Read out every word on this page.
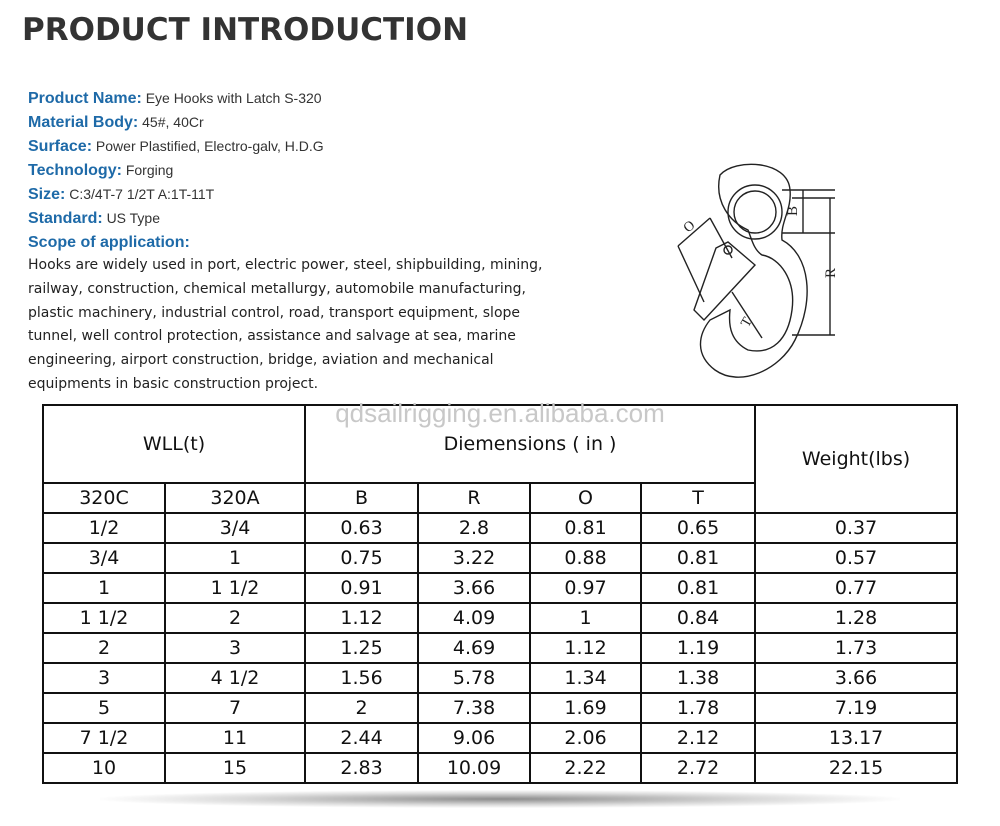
PRODUCT INTRODUCTION
Product Name: Eye Hooks with Latch S-320
Material Body: 45#, 40Cr
Surface: Power Plastified, Electro-galv, H.D.G
Technology: Forging
Size: C:3/4T-7 1/2T A:1T-11T
Standard: US Type
Scope of application:
Hooks are widely used in port, electric power, steel, shipbuilding, mining, railway, construction, chemical metallurgy, automobile manufacturing, plastic machinery, industrial control, road, transport equipment, slope tunnel, well control protection, assistance and salvage at sea, marine engineering, airport construction, bridge, aviation and mechanical equipments in basic construction project.
B
R
O
T
qdsailrigging.en.alibaba.com
WLL(t)		Diemensions ( in )				Weight(lbs)
320C	320A	B	R	O	T	
1/2	3/4	0.63	2.8	0.81	0.65	0.37
3/4	1	0.75	3.22	0.88	0.81	0.57
1	1 1/2	0.91	3.66	0.97	0.81	0.77
1 1/2	2	1.12	4.09	1	0.84	1.28
2	3	1.25	4.69	1.12	1.19	1.73
3	4 1/2	1.56	5.78	1.34	1.38	3.66
5	7	2	7.38	1.69	1.78	7.19
7 1/2	11	2.44	9.06	2.06	2.12	13.17
10	15	2.83	10.09	2.22	2.72	22.15
